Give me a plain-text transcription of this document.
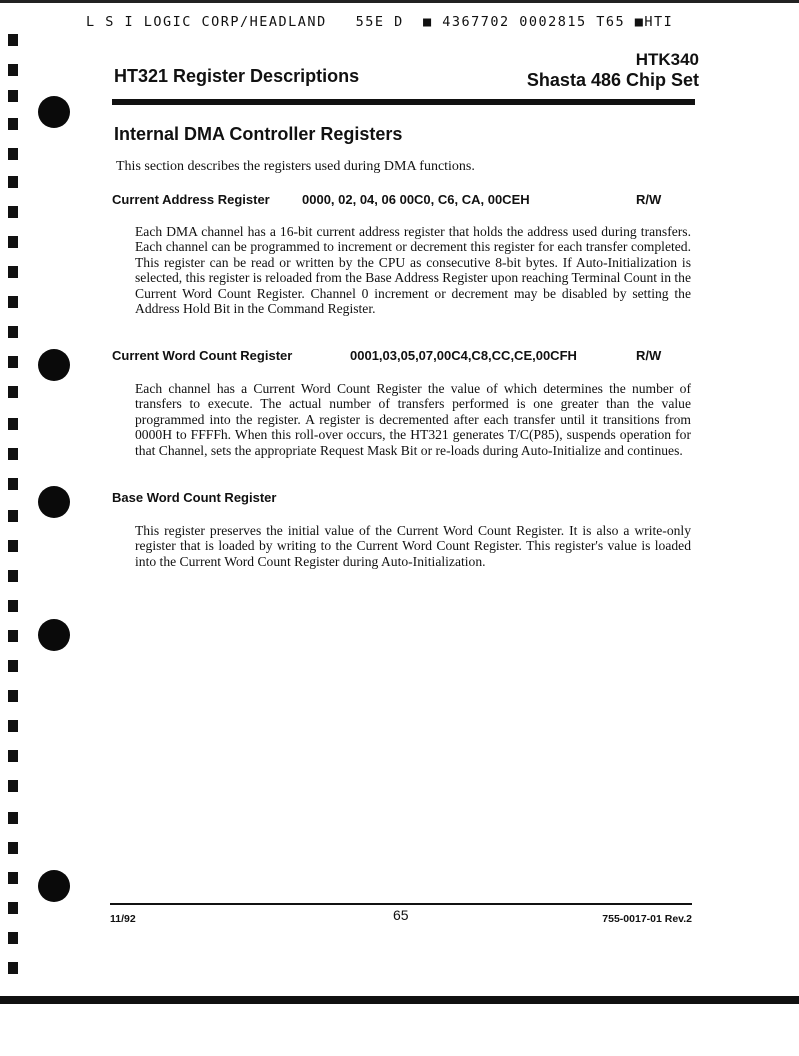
L S I LOGIC CORP/HEADLAND   55E D  ■ 4367702 0002815 T65 ■HTI
HT321 Register Descriptions
HTK340
Shasta 486 Chip Set
Internal DMA Controller Registers
This section describes the registers used during DMA functions.
Current Address Register 0000, 02, 04, 06 00C0, C6, CA, 00CEH	R/W

Each DMA channel has a 16-bit current address register that holds the address used during transfers. Each channel can be programmed to increment or decrement this register for each transfer completed. This register can be read or written by the CPU as consecutive 8-bit bytes. If Auto-Initialization is selected, this register is reloaded from the Base Address Register upon reaching Terminal Count in the Current Word Count Register. Channel 0 increment or decrement may be disabled by setting the Address Hold Bit in the Command Register.

Current Word Count Register	0001,03,05,07,00C4,C8,CC,CE,00CFH	R/W

Each channel has a Current Word Count Register the value of which determines the number of transfers to execute. The actual number of transfers performed is one greater than the value programmed into the register. A register is decremented after each transfer until it transitions from 0000H to FFFFh. When this roll-over occurs, the HT321 generates T/C(P85), suspends operation for that Channel, sets the appropriate Request Mask Bit or re-loads during Auto-Initialize and continues.

Base Word Count Register

This register preserves the initial value of the Current Word Count Register. It is also a write-only register that is loaded by writing to the Current Word Count Register. This register's value is loaded into the Current Word Count Register during Auto-Initialization.

11/92	65	755-0017-01 Rev.2
